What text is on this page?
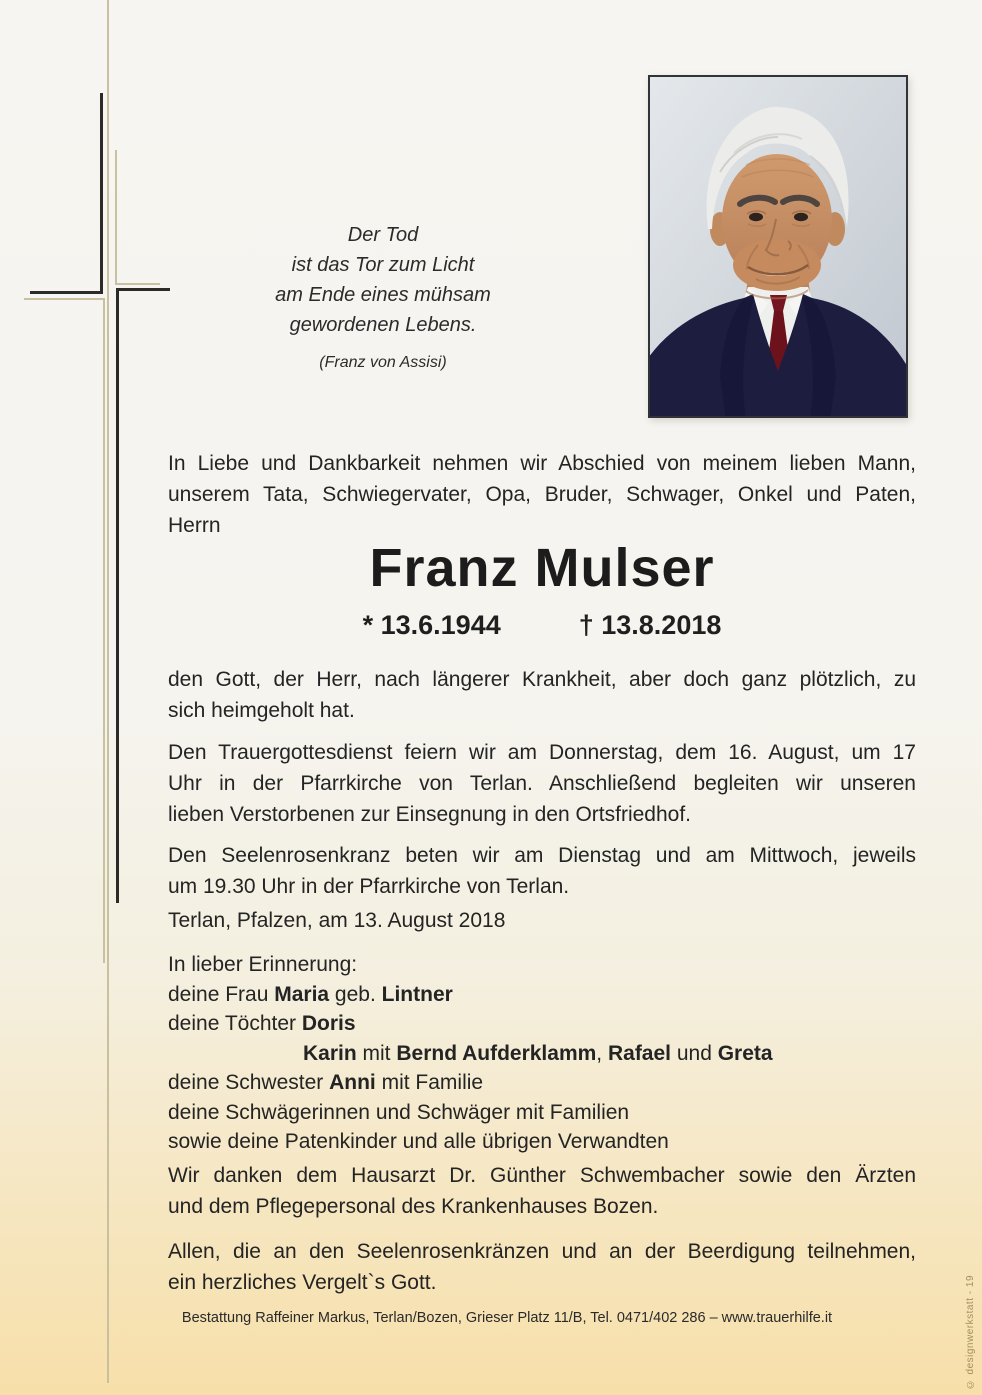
Der Tod
ist das Tor zum Licht
am Ende eines mühsam
gewordenen Lebens.
(Franz von Assisi)
In Liebe und Dankbarkeit nehmen wir Abschied von meinem lieben Mann,
unserem Tata, Schwiegervater, Opa, Bruder, Schwager, Onkel und Paten,
Herrn
Franz Mulser
* 13.6.1944	† 13.8.2018
den Gott, der Herr, nach längerer Krankheit, aber doch ganz plötzlich, zu
sich heimgeholt hat.
Den Trauergottesdienst feiern wir am Donnerstag, dem 16. August, um 17
Uhr in der Pfarrkirche von Terlan. Anschließend begleiten wir unseren
lieben Verstorbenen zur Einsegnung in den Ortsfriedhof.
Den Seelenrosenkranz beten wir am Dienstag und am Mittwoch, jeweils
um 19.30 Uhr in der Pfarrkirche von Terlan.
Terlan, Pfalzen, am 13. August 2018
In lieber Erinnerung:
deine Frau Maria geb. Lintner
deine Töchter Doris
Karin mit Bernd Aufderklamm, Rafael und Greta
deine Schwester Anni mit Familie
deine Schwägerinnen und Schwäger mit Familien
sowie deine Patenkinder und alle übrigen Verwandten
Wir danken dem Hausarzt Dr. Günther Schwembacher sowie den Ärzten
und dem Pflegepersonal des Krankenhauses Bozen.
Allen, die an den Seelenrosenkränzen und an der Beerdigung teilnehmen,
ein herzliches Vergelt`s Gott.
Bestattung Raffeiner Markus, Terlan/Bozen, Grieser Platz 11/B, Tel. 0471/402 286 – www.trauerhilfe.it	© designwerkstatt - 19
